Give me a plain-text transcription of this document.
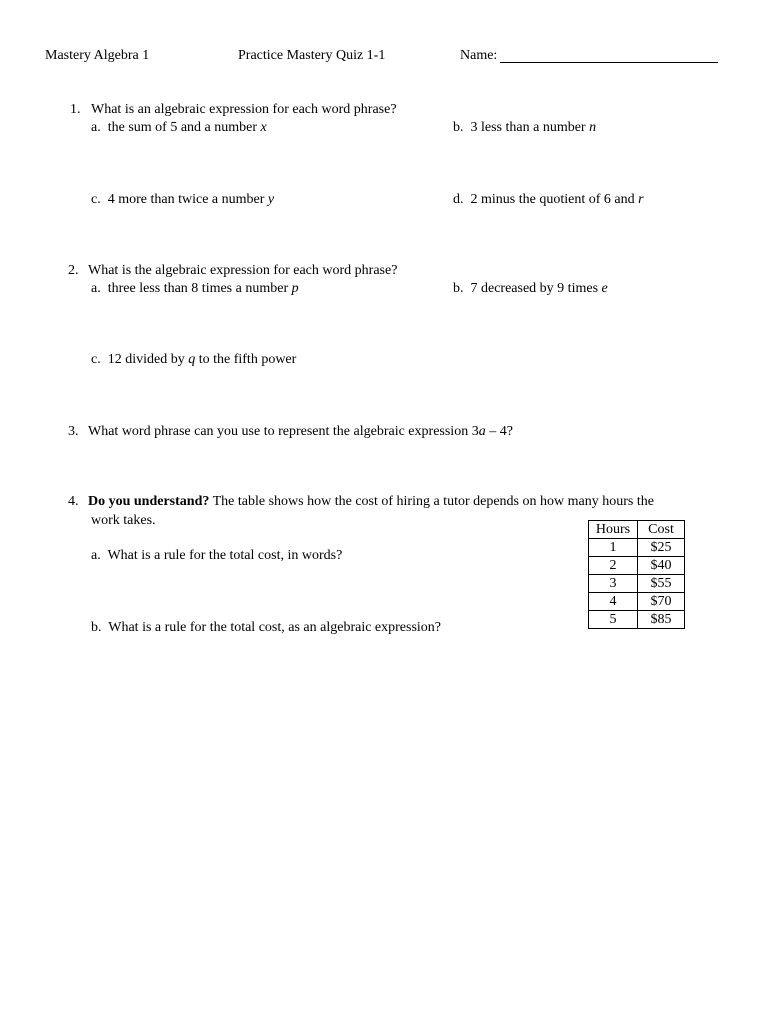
Mastery Algebra 1	Practice Mastery Quiz 1-1	Name:
1. What is an algebraic expression for each word phrase?
a. the sum of 5 and a number x	b. 3 less than a number n
c. 4 more than twice a number y	d. 2 minus the quotient of 6 and r
2. What is the algebraic expression for each word phrase?
a. three less than 8 times a number p	b. 7 decreased by 9 times e
c. 12 divided by q to the fifth power
3. What word phrase can you use to represent the algebraic expression 3a – 4?
4. Do you understand? The table shows how the cost of hiring a tutor depends on how many hours the
work takes.
a. What is a rule for the total cost, in words?
b. What is a rule for the total cost, as an algebraic expression?
Hours	Cost
1	$25
2	$40
3	$55
4	$70
5	$85
